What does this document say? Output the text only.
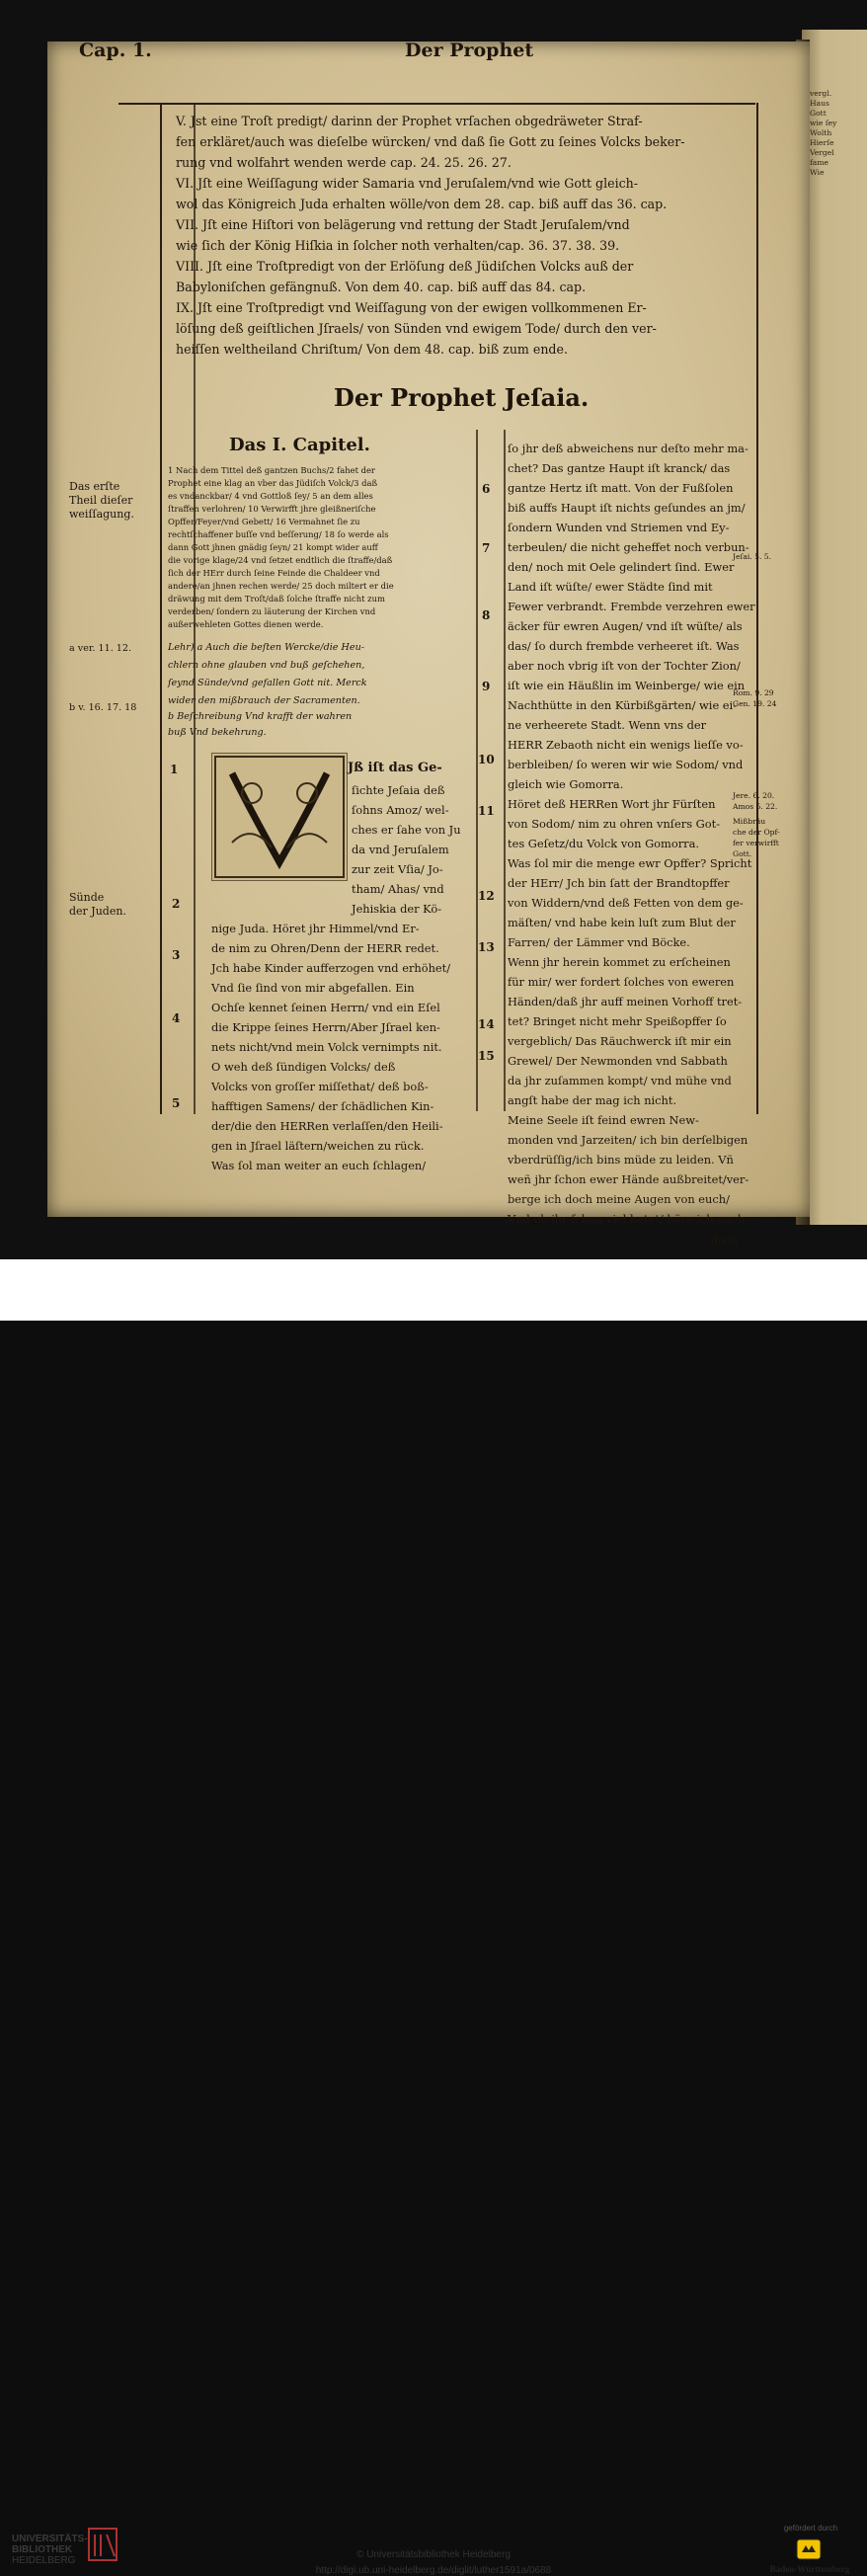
vergl.
Haus
Gott
wie ſey
Wolth
Hierſe
Vergel
fame
Wie
Cap. 1.	Der Prophet
V. Jst eine Troſt predigt/ darinn der Prophet vrſachen obgedräweter Straf-
fen erkläret/auch was dieſelbe würcken/ vnd daß ſie Gott zu ſeines Volcks beker-
rung vnd wolfahrt wenden werde cap. 24. 25. 26. 27.
VI. Jſt eine Weiſſagung wider Samaria vnd Jeruſalem/vnd wie Gott gleich-
wol das Königreich Juda erhalten wölle/von dem 28. cap. biß auff das 36. cap.
VII. Jſt eine Hiſtori von belägerung vnd rettung der Stadt Jeruſalem/vnd
wie ſich der König Hiſkia in ſolcher noth verhalten/cap. 36. 37. 38. 39.
VIII. Jſt eine Troſtpredigt von der Erlöſung deß Jüdiſchen Volcks auß der
Babyloniſchen gefängnuß. Von dem 40. cap. biß auff das 84. cap.
IX. Jſt eine Troſtpredigt vnd Weiſſagung von der ewigen vollkommenen Er-
löſung deß geiſtlichen Jſraels/ von Sünden vnd ewigem Tode/ durch den ver-
heiſſen weltheiland Chriſtum/ Von dem 48. cap. biß zum ende.
Der Prophet Jeſaia.
Das I. Capitel.
1 Nach dem Tittel deß gantzen Buchs/2 fahet der
Prophet eine klag an vber das Jüdiſch Volck/3 daß
es vndanckbar/ 4 vnd Gottloß ſey/ 5 an dem alles
ſtraffen verlohren/ 10 Verwirfft jhre gleißneriſche
Opffer/Feyer/vnd Gebett/ 16 Vermahnet ſie zu
rechtſchaffener buſſe vnd beſſerung/ 18 ſo werde als
dann Gott jhnen gnädig ſeyn/ 21 kompt wider auff
die vorige klage/24 vnd ſetzet endtlich die ſtraffe/daß
ſich der HErr durch ſeine Feinde die Chaldeer vnd
andere/an jhnen rechen werde/ 25 doch miltert er die
dräwung mit dem Troſt/daß ſolche ſtraffe nicht zum
verderben/ ſondern zu läuterung der Kirchen vnd
außerwehleten Gottes dienen werde.
Lehr) a Auch die beſten Wercke/die Heu-
chlern ohne glauben vnd buß geſchehen,
ſeynd Sünde/vnd gefallen Gott nit. Merck
wider den mißbrauch der Sacramenten.
b Beſchreibung Vnd krafft der wahren
buß Vnd bekehrung.
Das erſte
Theil dieſer
weiſſagung.
a ver. 11. 12.
b v. 16. 17. 18
Sünde
der Juden.
1
2
3
4
5
Jß iſt das Ge-
ſichte Jeſaia deß
ſohns Amoz/ wel-
ches er ſahe von Ju
da vnd Jeruſalem
zur zeit Vſia/ Jo-
tham/ Ahas/ vnd
Jehiskia der Kö-
nige Juda. Höret jhr Himmel/vnd Er-
de nim zu Ohren/Denn der HERR redet.
Jch habe Kinder aufferzogen vnd erhöhet/
Vnd ſie ſind von mir abgefallen. Ein
Ochſe kennet ſeinen Herrn/ vnd ein Eſel
die Krippe ſeines Herrn/Aber Jſrael ken-
nets nicht/vnd mein Volck vernimpts nit.
O weh deß ſündigen Volcks/ deß
Volcks von groſſer miſſethat/ deß boß-
hafftigen Samens/ der ſchädlichen Kin-
der/die den HERRen verlaſſen/den Heili-
gen in Jſrael läſtern/weichen zu rück.
Was ſol man weiter an euch ſchlagen/
6
7
8
9
10
11
12
13
14
15
ſo jhr deß abweichens nur deſto mehr ma-
chet? Das gantze Haupt iſt kranck/ das
gantze Hertz iſt matt. Von der Fußſolen
biß auffs Haupt iſt nichts geſundes an jm/
ſondern Wunden vnd Striemen vnd Ey-
terbeulen/ die nicht geheffet noch verbun-
den/ noch mit Oele gelindert ſind. Ewer
Land iſt wüſte/ ewer Städte ſind mit
Fewer verbrandt. Frembde verzehren ewer
äcker für ewren Augen/ vnd iſt wüſte/ als
das/ ſo durch frembde verheeret iſt. Was
aber noch vbrig iſt von der Tochter Zion/
iſt wie ein Häußlin im Weinberge/ wie ein
Nachthütte in den Kürbißgärten/ wie ei-
ne verheerete Stadt. Wenn vns der
HERR Zebaoth nicht ein wenigs lieſſe vo-
berbleiben/ ſo weren wir wie Sodom/ vnd
gleich wie Gomorra.
Höret deß HERRen Wort jhr Fürſten
von Sodom/ nim zu ohren vnſers Got-
tes Geſetz/du Volck von Gomorra.
Was ſol mir die menge ewr Opffer? Spricht
der HErr/ Jch bin ſatt der Brandtopffer
von Widdern/vnd deß Fetten von dem ge-
mäſten/ vnd habe kein luſt zum Blut der
Farren/ der Lämmer vnd Böcke.
Wenn jhr herein kommet zu erſcheinen
für mir/ wer fordert ſolches von eweren
Händen/daß jhr auff meinen Vorhoff tret-
tet? Bringet nicht mehr Speißopffer ſo
vergeblich/ Das Räuchwerck iſt mir ein
Grewel/ Der Newmonden vnd Sabbath
da jhr zuſammen kompt/ vnd mühe vnd
angſt habe der mag ich nicht.
Meine Seele iſt feind ewren New-
monden vnd Jarzeiten/ ich bin derſelbigen
vberdrüſſig/ich bins müde zu leiden. Vñ
weñ jhr ſchon ewer Hände außbreitet/ver-
berge ich doch meine Augen von euch/
Vnd ob jhr ſchon viel betet/ höre ich euch
doch
Jeſai. 5. 5.
Rom. 9. 29
Gen. 19. 24
Jere. 6. 20.
Amos 5. 22.
Mißbräu
che der Opf-
fer verwirfft
Gott.
UNIVERSITÄTS-
BIBLIOTHEK
HEIDELBERG
© Universitätsbibliothek Heidelberg
http://digi.ub.uni-heidelberg.de/diglit/luther1591a/0688
gefördert durch
Baden-Württemberg
